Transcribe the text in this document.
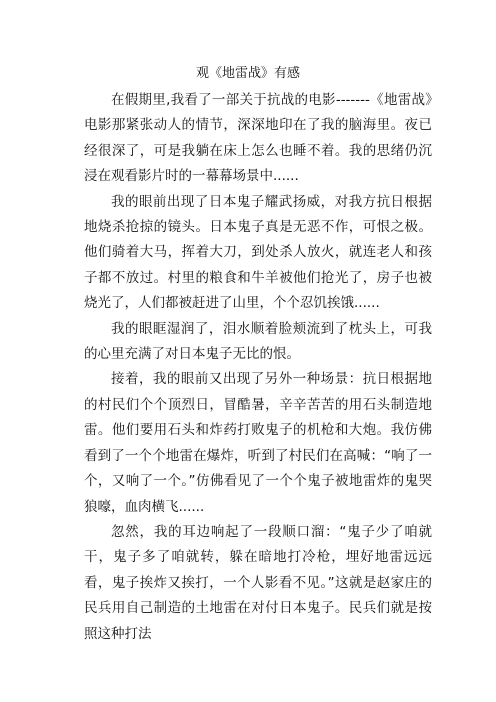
观《地雷战》有感

在假期里,我看了一部关于抗战的电影-------《地雷战》电影那紧张动人的情节，深深地印在了我的脑海里。夜已经很深了，可是我躺在床上怎么也睡不着。我的思绪仍沉浸在观看影片时的一幕幕场景中......

我的眼前出现了日本鬼子耀武扬威，对我方抗日根据地烧杀抢掠的镜头。日本鬼子真是无恶不作，可恨之极。他们骑着大马，挥着大刀，到处杀人放火，就连老人和孩子都不放过。村里的粮食和牛羊被他们抢光了，房子也被烧光了，人们都被赶进了山里，个个忍饥挨饿......

我的眼眶湿润了，泪水顺着脸颊流到了枕头上，可我的心里充满了对日本鬼子无比的恨。

接着，我的眼前又出现了另外一种场景：抗日根据地的村民们个个顶烈日，冒酷暑，辛辛苦苦的用石头制造地雷。他们要用石头和炸药打败鬼子的机枪和大炮。我仿佛看到了一个个地雷在爆炸，听到了村民们在高喊：“响了一个，又响了一个。”仿佛看见了一个个鬼子被地雷炸的鬼哭狼嚎，血肉横飞......

忽然，我的耳边响起了一段顺口溜：“鬼子少了咱就干，鬼子多了咱就转，躲在暗地打冷枪，埋好地雷远远看，鬼子挨炸又挨打，一个人影看不见。”这就是赵家庄的民兵用自己制造的土地雷在对付日本鬼子。民兵们就是按照这种打法
